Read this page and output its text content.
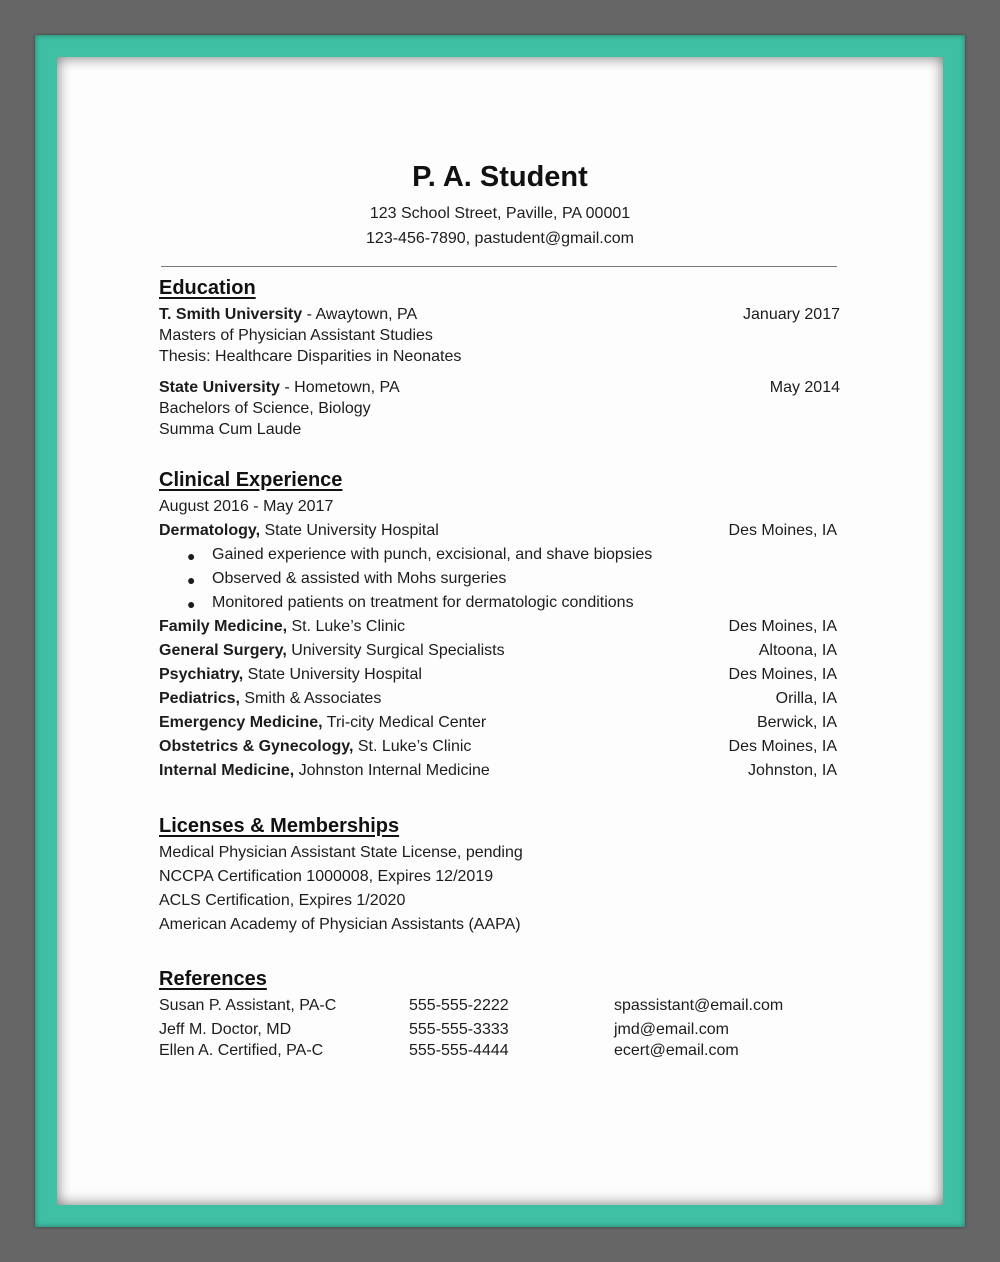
P. A. Student
123 School Street, Paville, PA 00001
123-456-7890, pastudent@gmail.com
Education
T. Smith University - Awaytown, PA	January 2017
Masters of Physician Assistant Studies
Thesis: Healthcare Disparities in Neonates
State University - Hometown, PA	May 2014
Bachelors of Science, Biology
Summa Cum Laude
Clinical Experience
August 2016 - May 2017
Dermatology, State University Hospital	Des Moines, IA
● Gained experience with punch, excisional, and shave biopsies
● Observed & assisted with Mohs surgeries
● Monitored patients on treatment for dermatologic conditions
Family Medicine, St. Luke’s Clinic	Des Moines, IA
General Surgery, University Surgical Specialists	Altoona, IA
Psychiatry, State University Hospital	Des Moines, IA
Pediatrics, Smith & Associates	Orilla, IA
Emergency Medicine, Tri-city Medical Center	Berwick, IA
Obstetrics & Gynecology, St. Luke’s Clinic	Des Moines, IA
Internal Medicine, Johnston Internal Medicine	Johnston, IA
Licenses & Memberships
Medical Physician Assistant State License, pending
NCCPA Certification 1000008, Expires 12/2019
ACLS Certification, Expires 1/2020
American Academy of Physician Assistants (AAPA)
References
Susan P. Assistant, PA-C	555-555-2222	spassistant@email.com
Jeff M. Doctor, MD	555-555-3333	jmd@email.com
Ellen A. Certified, PA-C	555-555-4444	ecert@email.com
